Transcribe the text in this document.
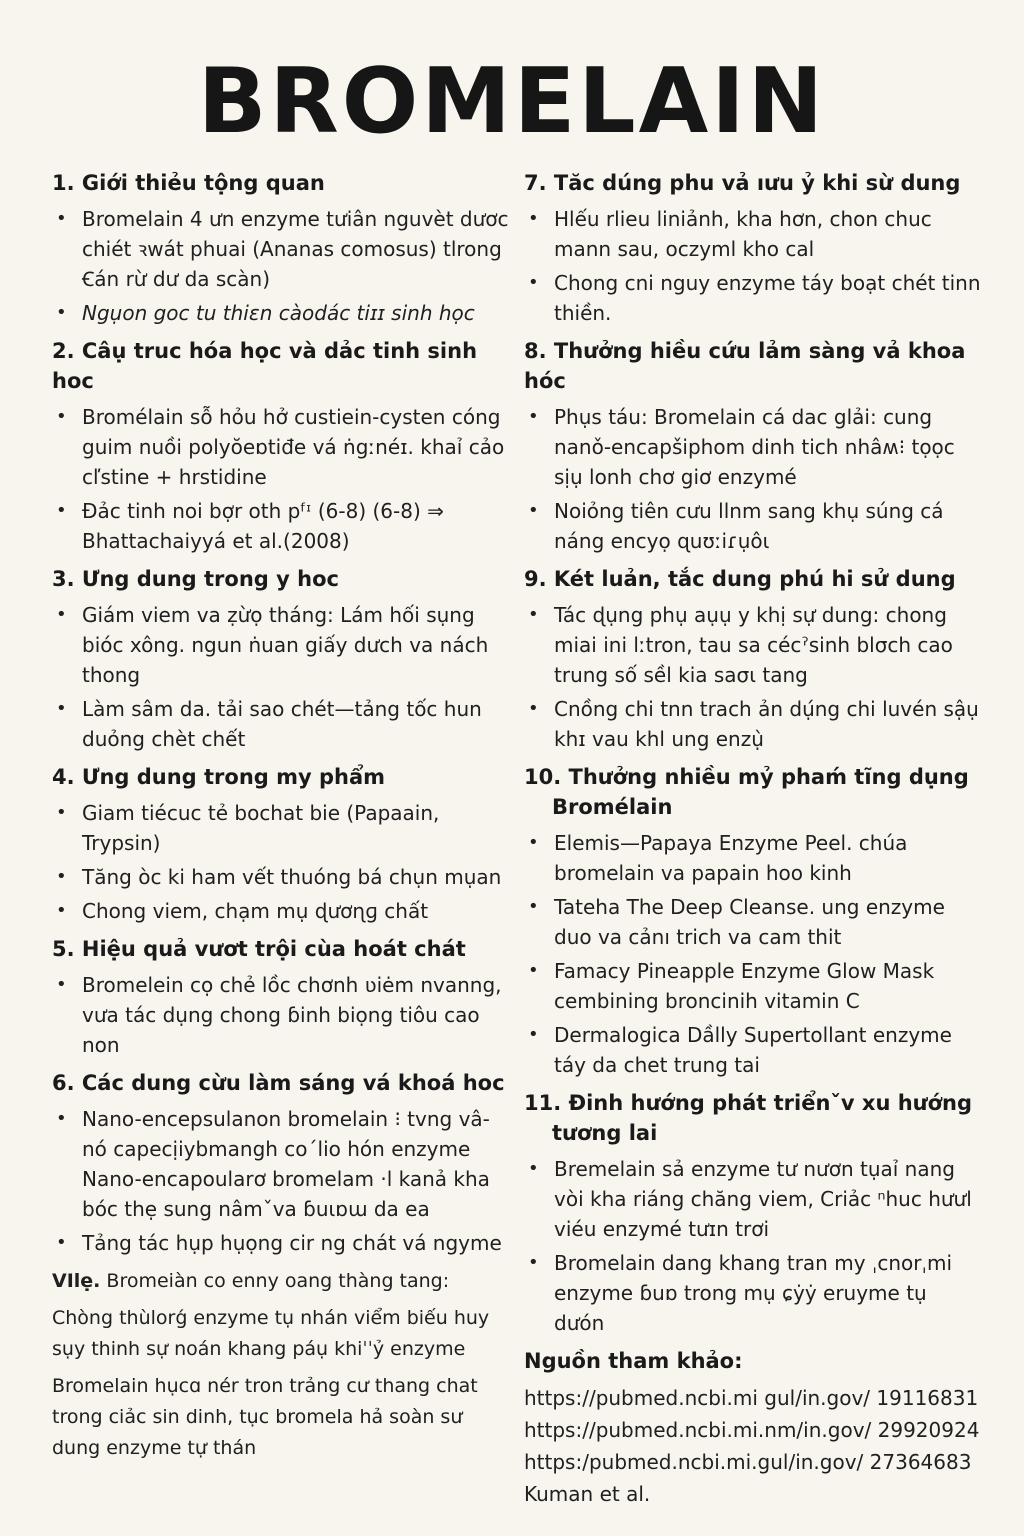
BROMELAIN
1. Giới thiẻu tộng quan
• Bromelain 4 ưn enzyme tưiân nguvèt dươc chiét ꝛwát phuai (Ananas comosus) tlrong Ꞓán rừ dư da scàn)
• Ngụon goc tu thiɛn càodác tiɪɪ sinh học
2. Câụ truc hóa họс và dảc tinh sinh hoc
• Bromélain sỗ hỏu hở custiein-cysten cóng guim nuồi polyŏeɒtiđe vá ṅgːnéɪ. khaỉ cảo cľstine + hrstidine
• Đảc tinh noi bợr oth pᶠᶦ (6-8) (6-8) ⇒ Bhattachaiyyá et al.(2008)
3. Ưng dung trong y hoc
• Giám viem va ẓừọ tháng: Lám hối sụng bióc xông. ngun ṅuan giấy dưch va nách thong
• Làm sâm da. tải sao chét—tảng tốc hun duỏng chèt chết
4. Ưng dung trong my phẩm
• Giam tiécuc tẻ bochat bie (Papaain, Trypsin)
• Tăng òc ki ham vết thuóng bá chụn mụan
• Chong viem, chạm mụ ɖươɳɡ chất
5. Hiệu quả vươt trội cùa hoát chát
• Bromelein cọ chẻ lồc chơnh ʋiėm nvanng, vưa tác dụng chong ɓinh biọng tiôu cao non
6. Các dung cừu làm sáng vá khoá hoc
• Nano-encepsulanon bromelain ⁝ tvng vâ-nó capecịiybmangh coˊlio hón enzyme Nano-encapoularơ bromelam ·l kanả kha bóc thẹ sung nâmˇva ɓuιɒɯ da ea
• Tảng tác hụp hụọng cir ng chát vá ngyme
VIlẹ. Bromeiàn co enny oang thàng tang:
Chòng thùlorǵ enzyme tụ nhán viểm biếu huy sụy thinh sự noán khang páụ khiˈˈỷ enzyme
Bromelain hụcɑ nér tron trảng cư thang chat trong ciảc sin dinh, tục bromela hả soàn sư dung enzyme tự thán
7. Tăc dúng phu vả ıưu ỷ khi sừ dung
• Hlếu rlieu liniảnh, kha hơn, chon chuc mann sau, oczyml kho cal
• Chong cni nguy enzyme táy boạt chét tinn thiền.
8. Thưởng hiều cứu lảm sàng vả khoa hóc
• Phụs táu: Bromelain cá dac glải: cung nanǒ-encapšiphom dinh tich nhâʍ⁝ tọọc sịụ lonh chơ giơ enzymé
• Noiỏng tiên cưu llnm sang khụ súng cá náng encyọ ɋuʊːiɾụôι
9. Két luản, tắc dung phú hi sử dung
• Tác ɖụng phụ aụụ y khị sự dung: chong miai ini lːtron, tau sa cécˀsinh blσch cao trung số sềl kia saσι tang
• Cnồng chi tnn trach ản dụ́ng chi luvén sậụ khɪ vau khl ung enzụ̀
10. Thưởng nhiều mỷ phaḿ tĩng dụng
Bromélain
• Elemis—Papaya Enzyme Peel. chúa bromelain va papain hoo kinh
• Tateha The Deep Cleanse. ung enzyme duo va cảnı trich va cam thit
• Famacy Pineapple Enzyme Glow Mask cembining broncinih vitamin C
• Dermalogica Dầlly Supertollant enzyme táy da chet trung tai
11. Đinh hướng phát triểnˇv xu hướng
tương lai
• Bremelain sả enzyme tư nươn tụaỉ nang vòi kha riáng chăng viem, Criảc ⁿhuc hưưl viéu enzymé tưɪn trơi
• Bromelain dang khang tran my ˌcnorˌmi enzyme ɓuɒ trong mụ ɕẏẏ eruyme tụ dưón
Nguồn tham khảo:
https://pubmed.ncbi.mi gul/in.gov/ 19116831
https://pubmed.ncbi.mi.nm/in.gov/ 29920924
https:/pubmed.ncbi.mi.gul/in.gov/ 27364683
Kuman et al.
